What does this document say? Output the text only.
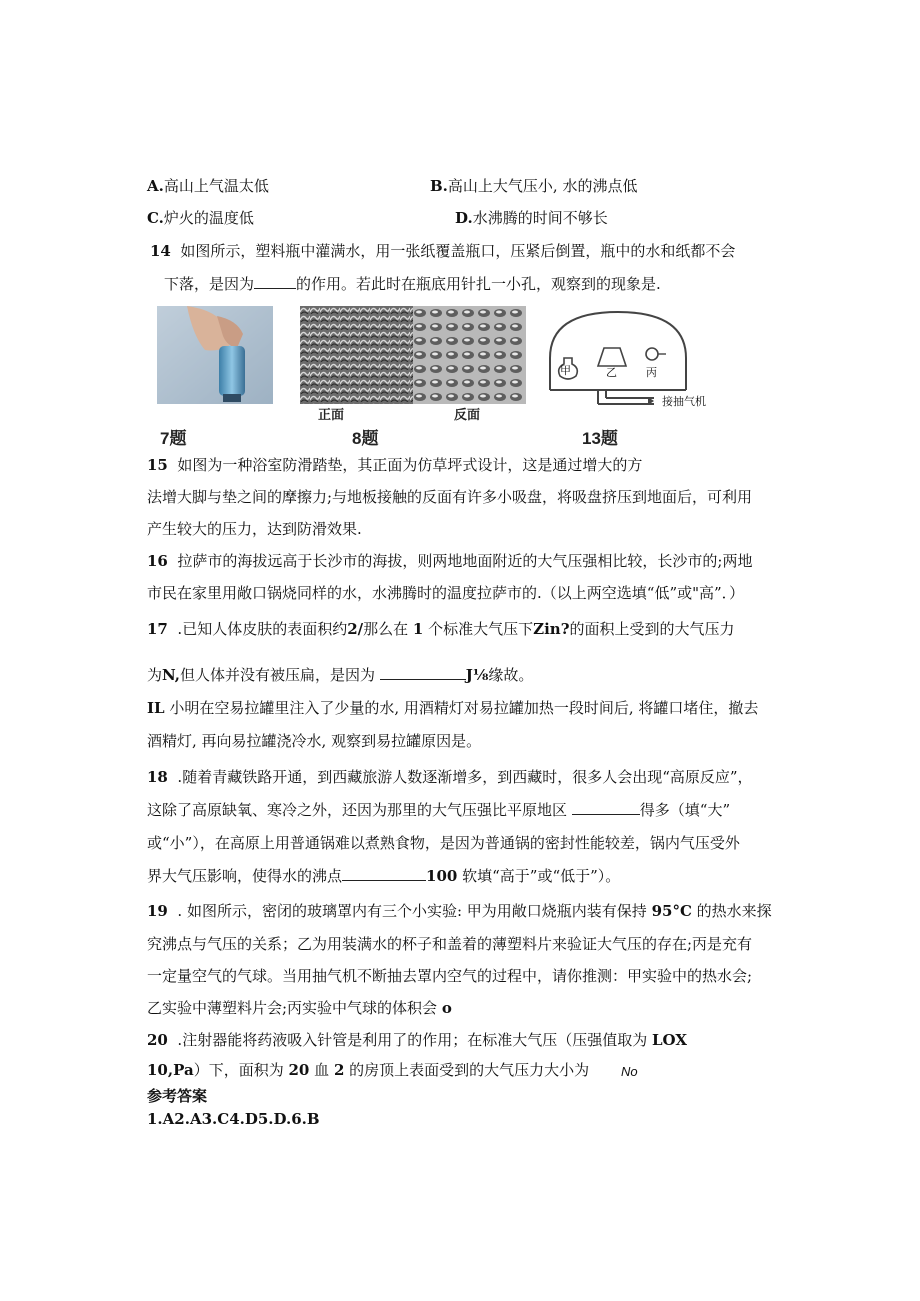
A.高山上气温太低	B.高山上大气压小, 水的沸点低
C.炉火的温度低	D.水沸腾的时间不够长
14 如图所示，塑料瓶中灌满水，用一张纸覆盖瓶口，压紧后倒置，瓶中的水和纸都不会
下落，是因为	的作用。若此时在瓶底用针扎一小孔，观察到的现象是.
7题
正面	反面
8题
甲	乙	丙
接抽气机
13题
15 如图为一种浴室防滑踏垫，其正面为仿草坪式设计，这是通过增大的方
法增大脚与垫之间的摩擦力;与地板接触的反面有许多小吸盘，将吸盘挤压到地面后，可利用
产生较大的压力，达到防滑效果.
16 拉萨市的海拔远高于长沙市的海拔，则两地地面附近的大气压强相比较，长沙市的;两地
市民在家里用敞口锅烧同样的水，水沸腾时的温度拉萨市的.（以上两空选填“低”或"高”．）
17 .已知人体皮肤的表面积约2/那么在 1 个标准大气压下Zin?的面积上受到的大气压力
为N,但人体并没有被压扁，是因为	J⅛缘故。
IL 小明在空易拉罐里注入了少量的水, 用酒精灯对易拉罐加热一段时间后, 将罐口堵住，撤去
酒精灯, 再向易拉罐浇冷水, 观察到易拉罐原因是。
18 .随着青藏铁路开通，到西藏旅游人数逐渐增多，到西藏时，很多人会出现“高原反应”，
这除了高原缺氧、寒冷之外，还因为那里的大气压强比平原地区	得多（填“大”
或“小”），在高原上用普通锅难以煮熟食物，是因为普通锅的密封性能较差，锅内气压受外
界大气压影响，使得水的沸点	100 软填“高于”或“低于”）。
19 . 如图所示，密闭的玻璃罩内有三个小实验: 甲为用敞口烧瓶内装有保持 95°C 的热水来探
究沸点与气压的关系；乙为用装满水的杯子和盖着的薄塑料片来验证大气压的存在;丙是充有
一定量空气的气球。当用抽气机不断抽去罩内空气的过程中，请你推测：甲实验中的热水会;
乙实验中薄塑料片会;丙实验中气球的体积会 o
20 .注射器能将药液吸入针管是利用了的作用；在标准大气压（压强值取为 LOX
10,Pa）下，面积为 20 血 2 的房顶上表面受到的大气压力大小为 No
参考答案
1.A2.A3.C4.D5.D.6.B
